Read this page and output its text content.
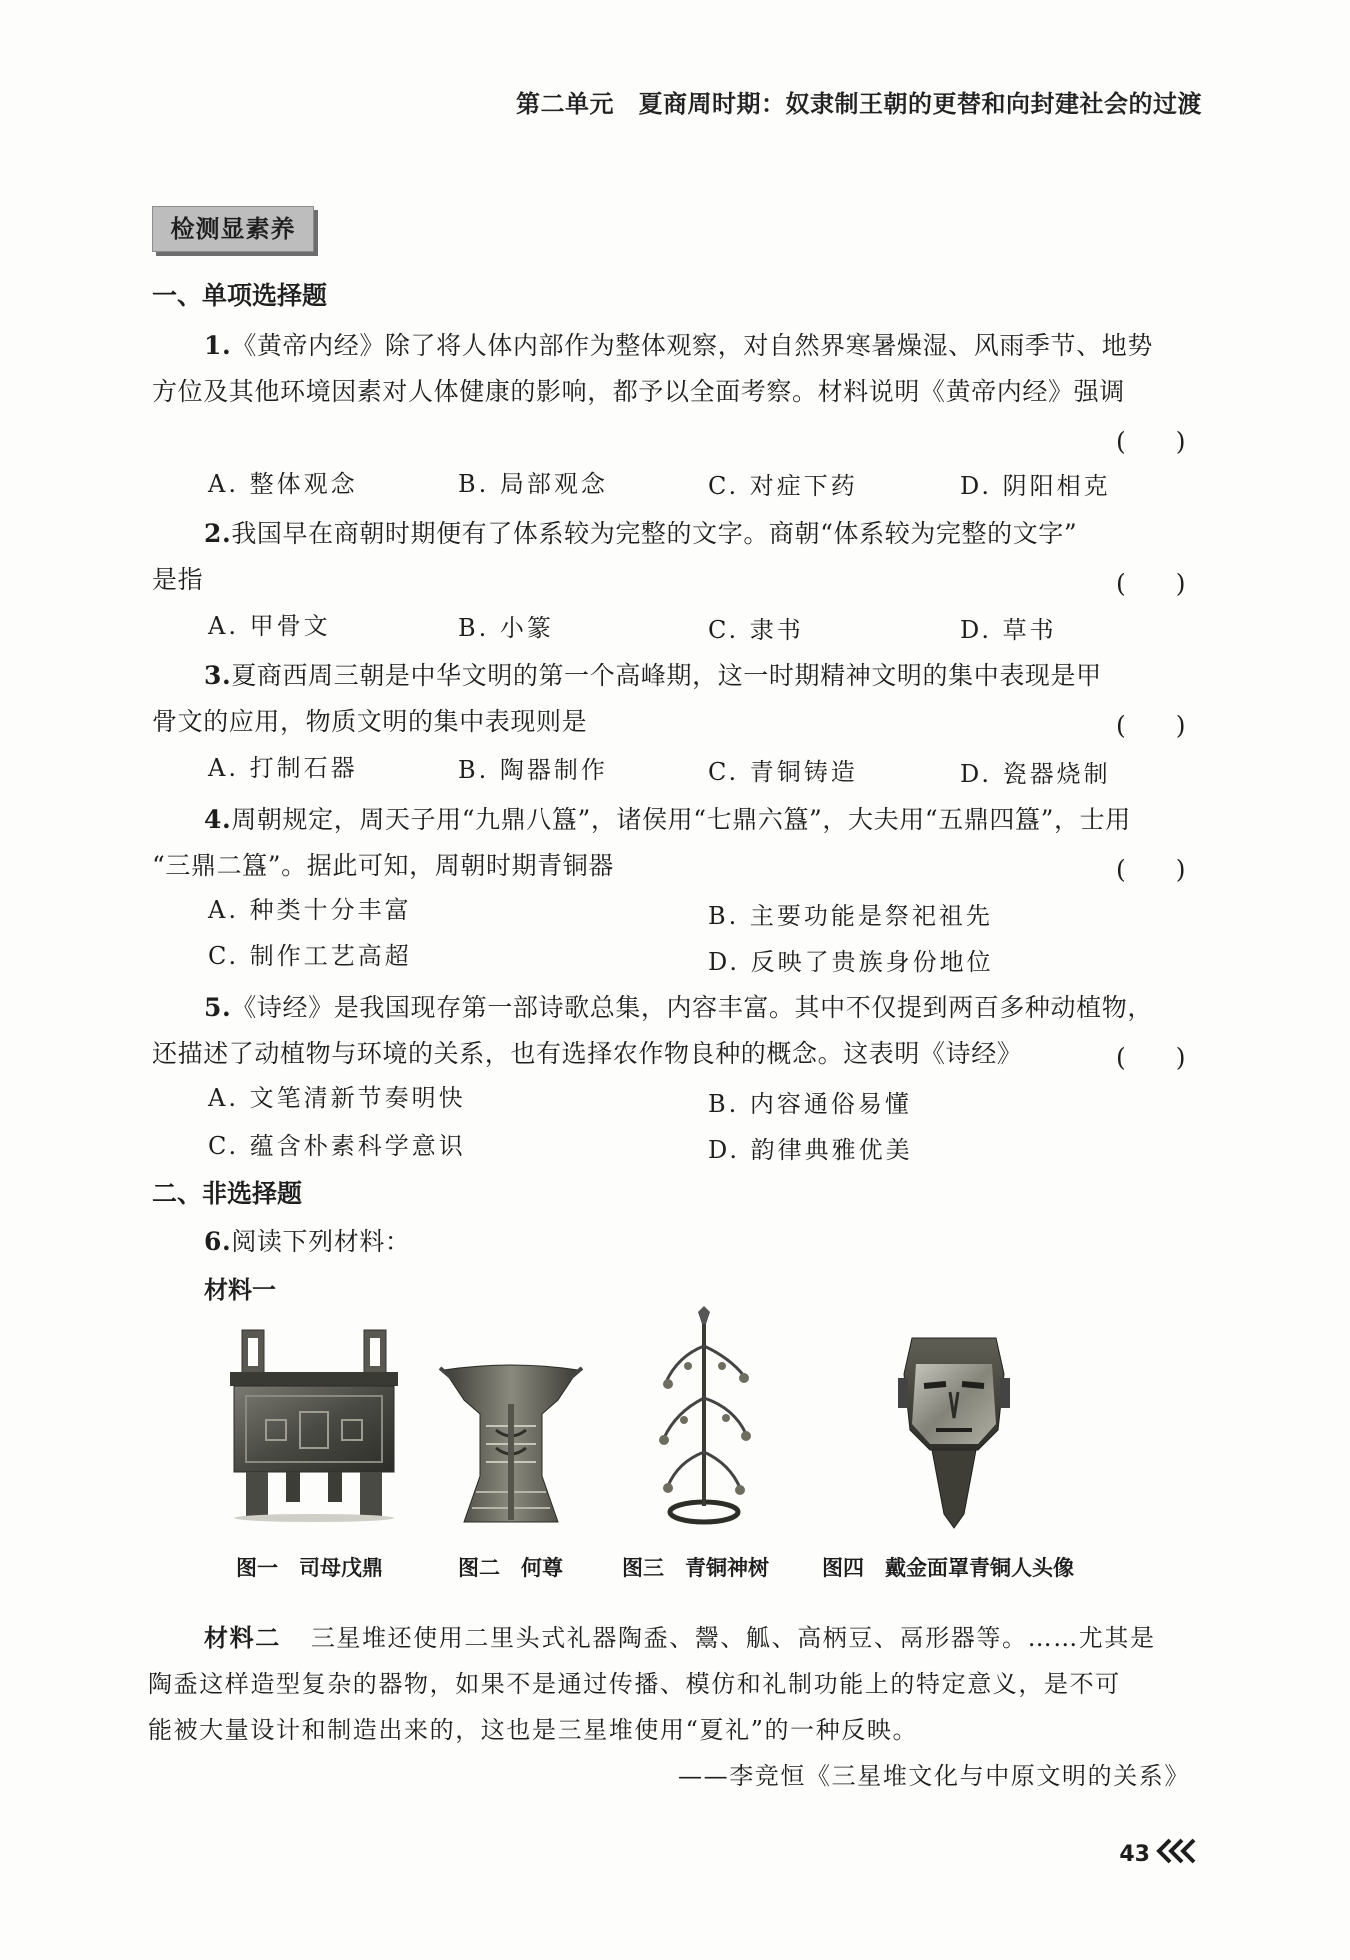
第二单元　夏商周时期：奴隶制王朝的更替和向封建社会的过渡
检测显素养
一、单项选择题
1.《黄帝内经》除了将人体内部作为整体观察，对自然界寒暑燥湿、风雨季节、地势
方位及其他环境因素对人体健康的影响，都予以全面考察。材料说明《黄帝内经》强调
(　　)
A. 整体观念	B. 局部观念	C. 对症下药	D. 阴阳相克
2.我国早在商朝时期便有了体系较为完整的文字。商朝“体系较为完整的文字”
是指	(　　)
A. 甲骨文	B. 小篆	C. 隶书	D. 草书
3.夏商西周三朝是中华文明的第一个高峰期，这一时期精神文明的集中表现是甲
骨文的应用，物质文明的集中表现则是	(　　)
A. 打制石器	B. 陶器制作	C. 青铜铸造	D. 瓷器烧制
4.周朝规定，周天子用“九鼎八簋”，诸侯用“七鼎六簋”，大夫用“五鼎四簋”，士用
“三鼎二簋”。据此可知，周朝时期青铜器	(　　)
A. 种类十分丰富	B. 主要功能是祭祀祖先
C. 制作工艺高超	D. 反映了贵族身份地位
5.《诗经》是我国现存第一部诗歌总集，内容丰富。其中不仅提到两百多种动植物，
还描述了动植物与环境的关系，也有选择农作物良种的概念。这表明《诗经》	(　　)
A. 文笔清新节奏明快	B. 内容通俗易懂
C. 蕴含朴素科学意识	D. 韵律典雅优美
二、非选择题
6.阅读下列材料：
材料一
图一　司母戊鼎	图二　何尊	图三　青铜神树	图四　戴金面罩青铜人头像
材料二 三星堆还使用二里头式礼器陶盉、鬶、觚、高柄豆、鬲形器等。……尤其是
陶盉这样造型复杂的器物，如果不是通过传播、模仿和礼制功能上的特定意义，是不可
能被大量设计和制造出来的，这也是三星堆使用“夏礼”的一种反映。
——李竞恒《三星堆文化与中原文明的关系》
43
